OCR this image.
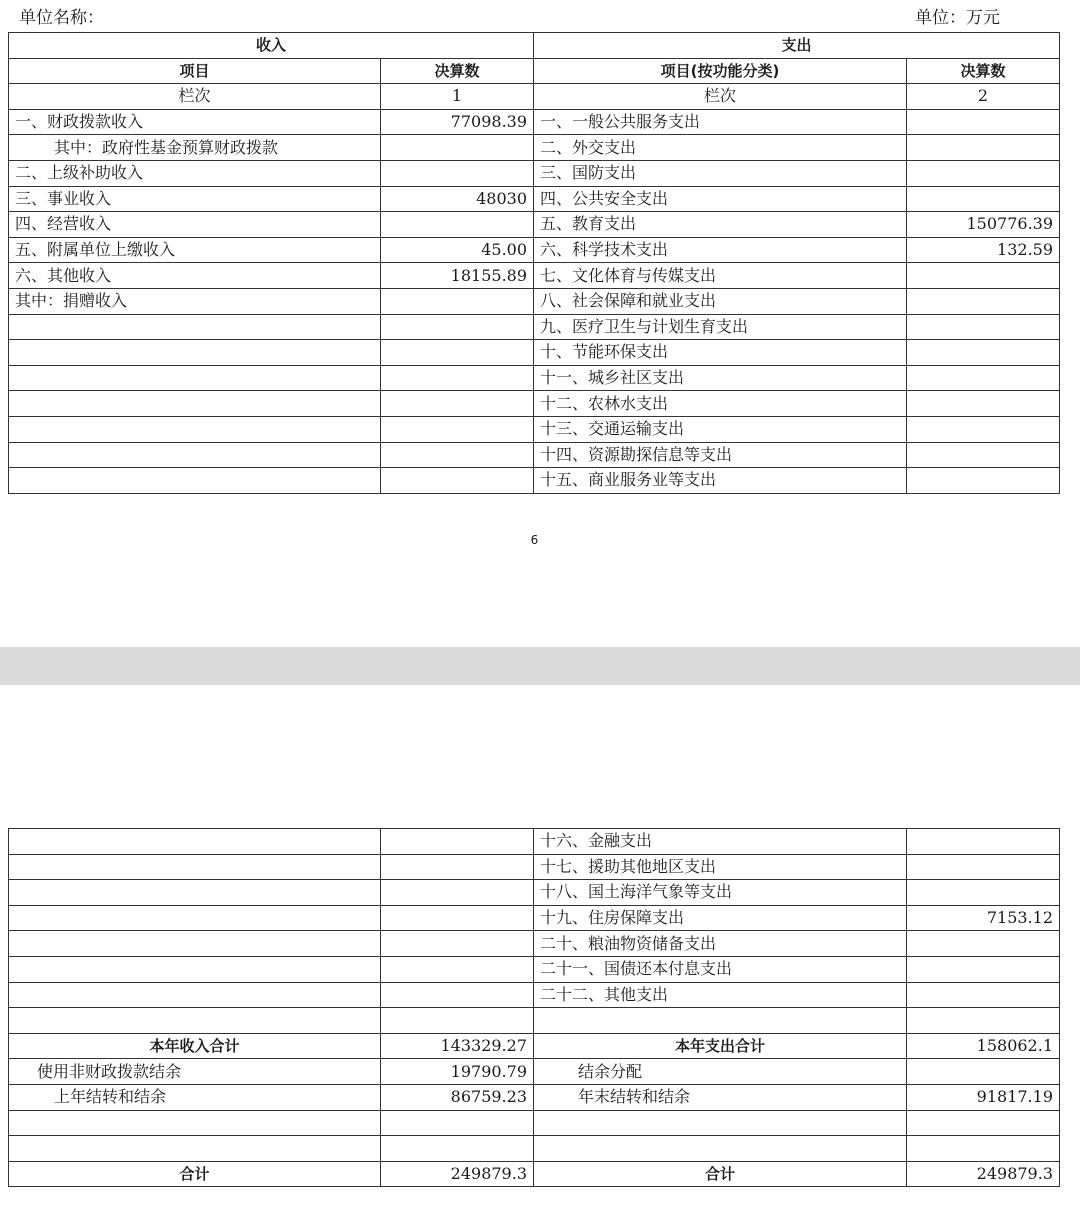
单位名称：	单位：万元
收入		支出	
项目	决算数	项目(按功能分类)	决算数
栏次	1	栏次	2
一、财政拨款收入	77098.39	一、一般公共服务支出	
其中：政府性基金预算财政拨款		二、外交支出	
二、上级补助收入		三、国防支出	
三、事业收入	48030	四、公共安全支出	
四、经营收入		五、教育支出	150776.39
五、附属单位上缴收入	45.00	六、科学技术支出	132.59
六、其他收入	18155.89	七、文化体育与传媒支出	
其中：捐赠收入		八、社会保障和就业支出	
		九、医疗卫生与计划生育支出	
		十、节能环保支出	
		十一、城乡社区支出	
		十二、农林水支出	
		十三、交通运输支出	
		十四、资源勘探信息等支出	
		十五、商业服务业等支出	
6
		十六、金融支出	
		十七、援助其他地区支出	
		十八、国土海洋气象等支出	
		十九、住房保障支出	7153.12
		二十、粮油物资储备支出	
		二十一、国债还本付息支出	
		二十二、其他支出	

本年收入合计	143329.27	本年支出合计	158062.1
使用非财政拨款结余	19790.79	结余分配	
上年结转和结余	86759.23	年末结转和结余	91817.19

合计	249879.3	合计	249879.3
